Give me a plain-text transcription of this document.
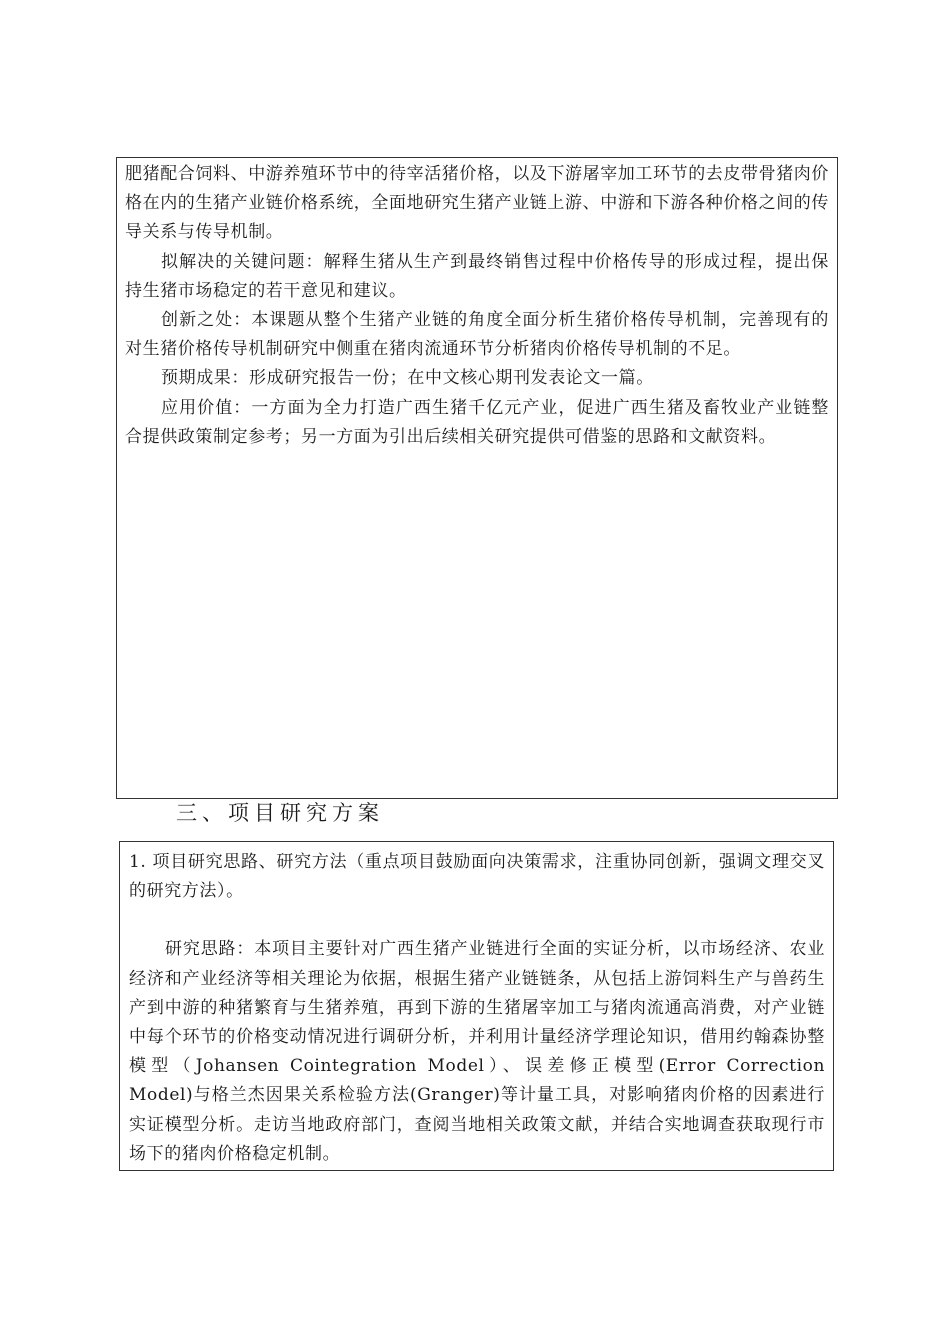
肥猪配合饲料、中游养殖环节中的待宰活猪价格，以及下游屠宰加工环节的去皮带骨猪肉价格在内的生猪产业链价格系统，全面地研究生猪产业链上游、中游和下游各种价格之间的传导关系与传导机制。

拟解决的关键问题：解释生猪从生产到最终销售过程中价格传导的形成过程，提出保持生猪市场稳定的若干意见和建议。

创新之处：本课题从整个生猪产业链的角度全面分析生猪价格传导机制，完善现有的对生猪价格传导机制研究中侧重在猪肉流通环节分析猪肉价格传导机制的不足。

预期成果：形成研究报告一份；在中文核心期刊发表论文一篇。

应用价值：一方面为全力打造广西生猪千亿元产业，促进广西生猪及畜牧业产业链整合提供政策制定参考；另一方面为引出后续相关研究提供可借鉴的思路和文献资料。

三、项目研究方案

1. 项目研究思路、研究方法（重点项目鼓励面向决策需求，注重协同创新，强调文理交叉的研究方法）。

研究思路：本项目主要针对广西生猪产业链进行全面的实证分析，以市场经济、农业经济和产业经济等相关理论为依据，根据生猪产业链链条，从包括上游饲料生产与兽药生产到中游的种猪繁育与生猪养殖，再到下游的生猪屠宰加工与猪肉流通高消费，对产业链中每个环节的价格变动情况进行调研分析，并利用计量经济学理论知识，借用约翰森协整模型（Johansen Cointegration Model）、误差修正模型(Error Correction Model)与格兰杰因果关系检验方法(Granger)等计量工具，对影响猪肉价格的因素进行实证模型分析。走访当地政府部门，查阅当地相关政策文献，并结合实地调查获取现行市场下的猪肉价格稳定机制。
